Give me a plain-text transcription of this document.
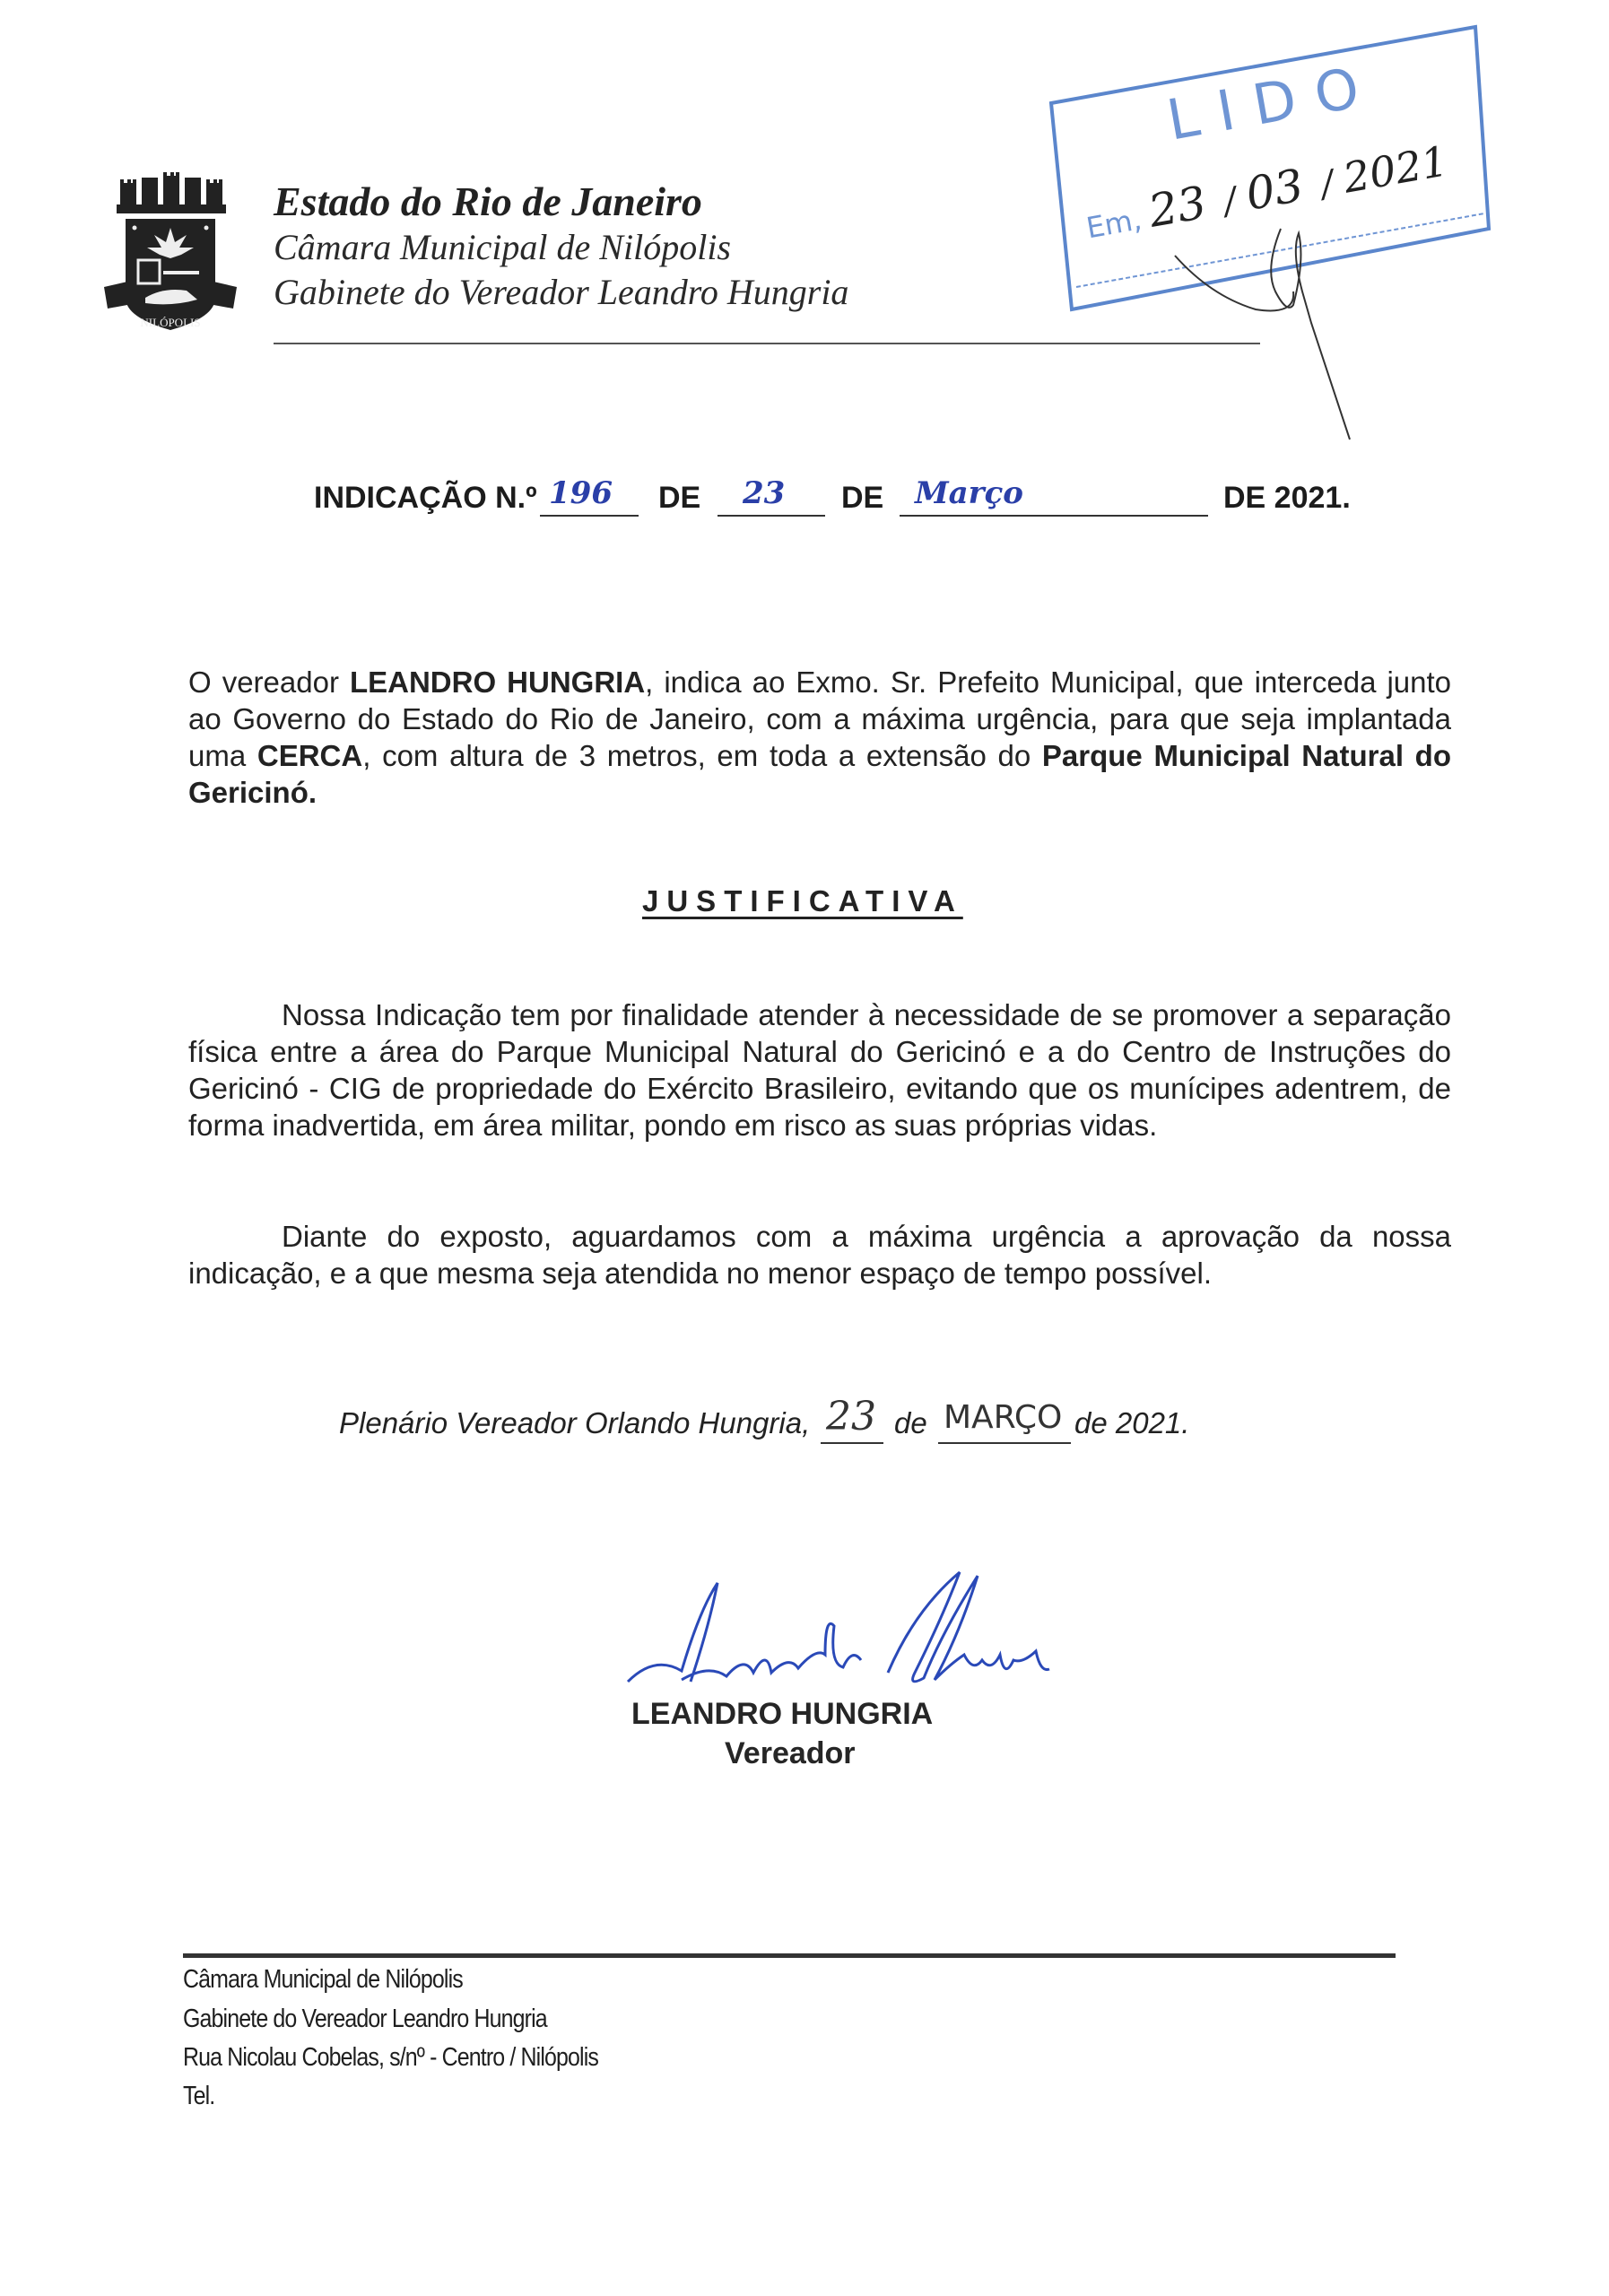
NILÓPOLIS
Estado do Rio de Janeiro
Câmara Municipal de Nilópolis
Gabinete do Vereador Leandro Hungria
LIDO
Em, 23 / 03 / 2021
INDICAÇÃO N.º 196 DE 23 DE Março	DE 2021.
O vereador LEANDRO HUNGRIA, indica ao Exmo. Sr. Prefeito Municipal, que interceda junto ao Governo do Estado do Rio de Janeiro, com a máxima urgência, para que seja implantada uma CERCA, com altura de 3 metros, em toda a extensão do Parque Municipal Natural do Gericinó.
JUSTIFICATIVA
Nossa Indicação tem por finalidade atender à necessidade de se promover a separação física entre a área do Parque Municipal Natural do Gericinó e a do Centro de Instruções do Gericinó - CIG de propriedade do Exército Brasileiro, evitando que os munícipes adentrem, de forma inadvertida, em área militar, pondo em risco as suas próprias vidas.
Diante do exposto, aguardamos com a máxima urgência a aprovação da nossa indicação, e a que mesma seja atendida no menor espaço de tempo possível.
Plenário Vereador Orlando Hungria, 23 de MARÇO de 2021.
LEANDRO HUNGRIA
Vereador
Câmara Municipal de Nilópolis
Gabinete do Vereador Leandro Hungria
Rua Nicolau Cobelas, s/nº - Centro / Nilópolis
Tel.
